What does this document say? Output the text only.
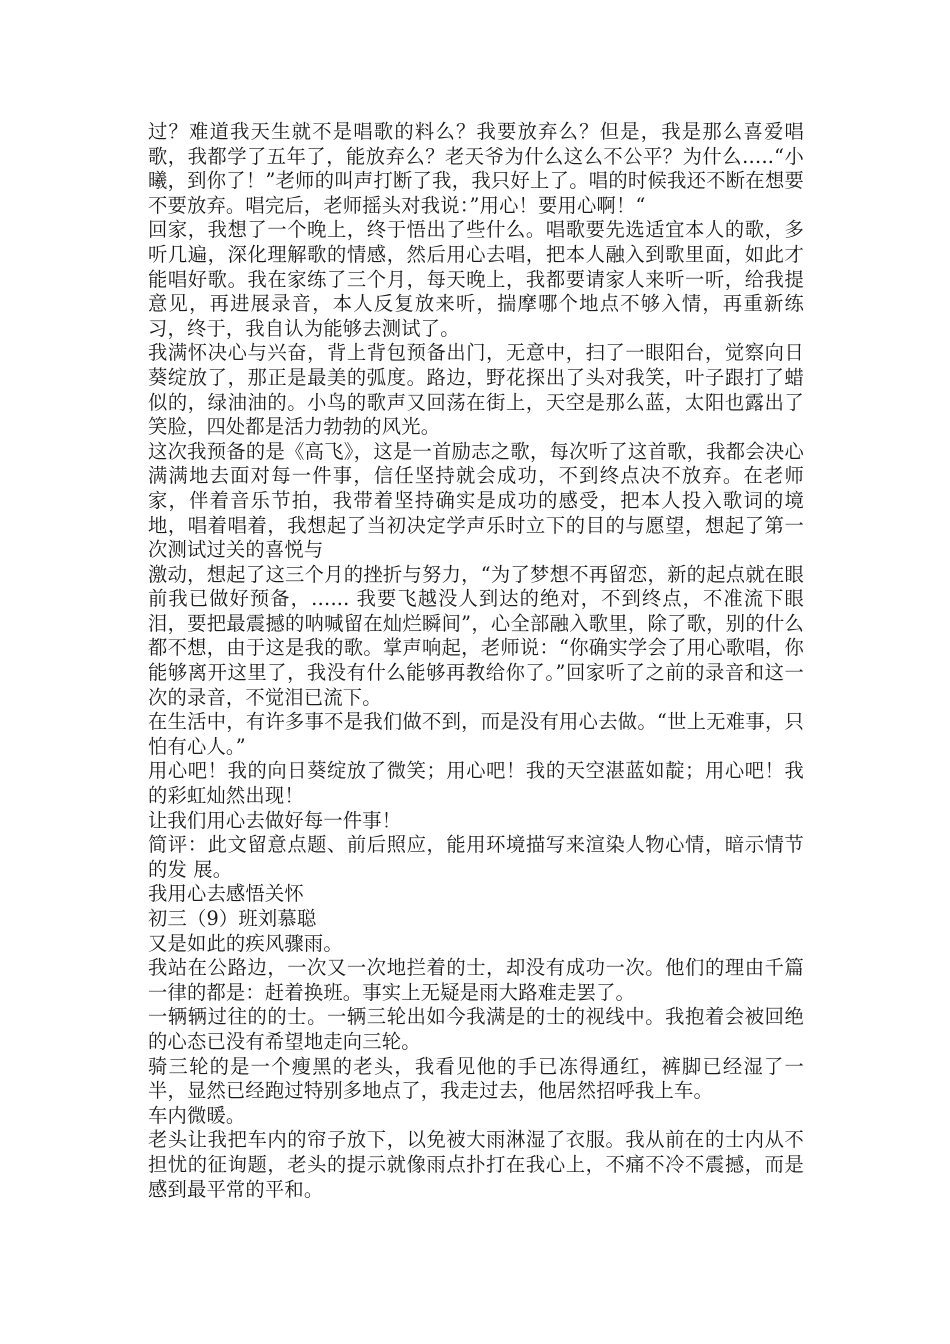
过？难道我天生就不是唱歌的料么？我要放弃么？但是，我是那么喜爱唱歌，我都学了五年了，能放弃么？老天爷为什么这么不公平？为什么…..“小曦，到你了！”老师的叫声打断了我，我只好上了。唱的时候我还不断在想要不要放弃。唱完后，老师摇头对我说：”用心！要用心啊！“

回家，我想了一个晚上，终于悟出了些什么。唱歌要先选适宜本人的歌，多听几遍，深化理解歌的情感，然后用心去唱，把本人融入到歌里面，如此才能唱好歌。我在家练了三个月，每天晚上，我都要请家人来听一听，给我提意见，再进展录音，本人反复放来听，揣摩哪个地点不够入情，再重新练习，终于，我自认为能够去测试了。

我满怀决心与兴奋，背上背包预备出门，无意中，扫了一眼阳台，觉察向日葵绽放了，那正是最美的弧度。路边，野花探出了头对我笑，叶子跟打了蜡似的，绿油油的。小鸟的歌声又回荡在街上，天空是那么蓝，太阳也露出了笑脸，四处都是活力勃勃的风光。

这次我预备的是《高飞》，这是一首励志之歌，每次听了这首歌，我都会决心满满地去面对每一件事，信任坚持就会成功，不到终点决不放弃。在老师家，伴着音乐节拍，我带着坚持确实是成功的感受，把本人投入歌词的境地，唱着唱着，我想起了当初决定学声乐时立下的目的与愿望，想起了第一次测试过关的喜悦与

激动，想起了这三个月的挫折与努力，“为了梦想不再留恋，新的起点就在眼前我已做好预备，…... 我要飞越没人到达的绝对，不到终点，不准流下眼泪，要把最震撼的呐喊留在灿烂瞬间”，心全部融入歌里，除了歌，别的什么都不想，由于这是我的歌。掌声响起，老师说：“你确实学会了用心歌唱，你能够离开这里了，我没有什么能够再教给你了。”回家听了之前的录音和这一次的录音，不觉泪已流下。

在生活中，有许多事不是我们做不到，而是没有用心去做。“世上无难事，只怕有心人。”

用心吧！我的向日葵绽放了微笑；用心吧！我的天空湛蓝如靛；用心吧！我的彩虹灿然出现！

让我们用心去做好每一件事！

简评：此文留意点题、前后照应，能用环境描写来渲染人物心情，暗示情节的发 展。

我用心去感悟关怀

初三（9）班刘慕聪

又是如此的疾风骤雨。

我站在公路边，一次又一次地拦着的士，却没有成功一次。他们的理由千篇一律的都是：赶着换班。事实上无疑是雨大路难走罢了。

一辆辆过往的的士。一辆三轮出如今我满是的士的视线中。我抱着会被回绝的心态已没有希望地走向三轮。

骑三轮的是一个瘦黑的老头，我看见他的手已冻得通红，裤脚已经湿了一半，显然已经跑过特别多地点了，我走过去，他居然招呼我上车。

车内微暖。

老头让我把车内的帘子放下，以免被大雨淋湿了衣服。我从前在的士内从不担忧的征询题，老头的提示就像雨点扑打在我心上，不痛不冷不震撼，而是感到最平常的平和。
